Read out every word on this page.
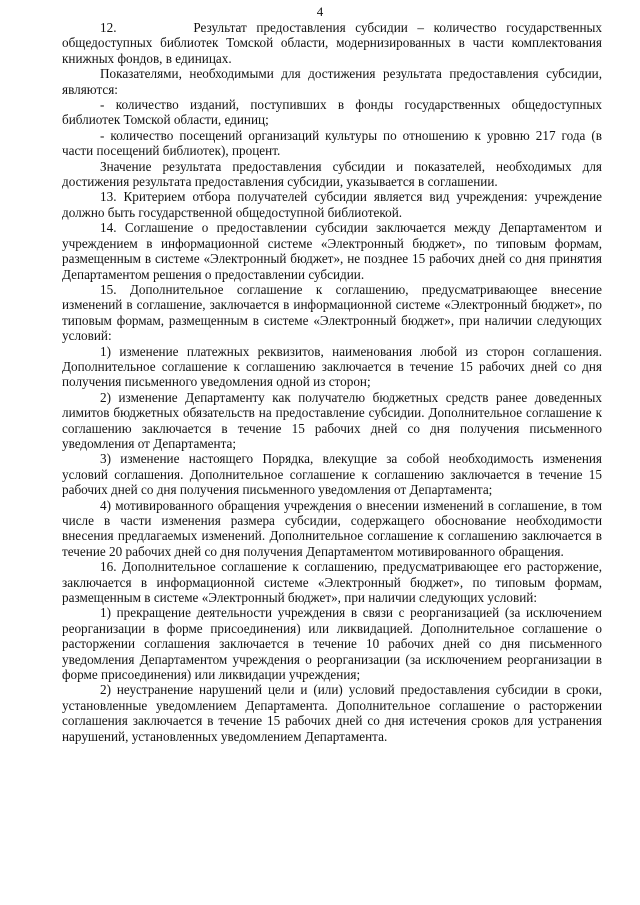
4

12.        Результат предоставления субсидии – количество государственных общедоступных библиотек Томской области, модернизированных в части комплектования книжных фондов, в единицах.

Показателями, необходимыми для достижения результата предоставления субсидии, являются:

- количество изданий, поступивших в фонды государственных общедоступных библиотек Томской области, единиц;

- количество посещений организаций культуры по отношению к уровню 217 года (в части посещений библиотек), процент.

Значение результата предоставления субсидии и показателей, необходимых для достижения результата предоставления субсидии, указывается в соглашении.

13. Критерием отбора получателей субсидии является вид учреждения: учреждение должно быть государственной общедоступной библиотекой.

14. Соглашение о предоставлении субсидии заключается между Департаментом и учреждением в информационной системе «Электронный бюджет», по типовым формам, размещенным в системе «Электронный бюджет», не позднее 15 рабочих дней со дня принятия Департаментом решения о предоставлении субсидии.

15. Дополнительное соглашение к соглашению, предусматривающее внесение изменений в соглашение, заключается в информационной системе «Электронный бюджет», по типовым формам, размещенным в системе «Электронный бюджет», при наличии следующих условий:

1) изменение платежных реквизитов, наименования любой из сторон соглашения. Дополнительное соглашение к соглашению заключается в течение 15 рабочих дней со дня получения письменного уведомления одной из сторон;

2) изменение Департаменту как получателю бюджетных средств ранее доведенных лимитов бюджетных обязательств на предоставление субсидии. Дополнительное соглашение к соглашению заключается в течение 15 рабочих дней со дня получения письменного уведомления от Департамента;

3) изменение настоящего Порядка, влекущие за собой необходимость изменения условий соглашения. Дополнительное соглашение к соглашению заключается в течение 15 рабочих дней со дня получения письменного уведомления от Департамента;

4) мотивированного обращения учреждения о внесении изменений в соглашение, в том числе в части изменения размера субсидии, содержащего обоснование необходимости внесения предлагаемых изменений. Дополнительное соглашение к соглашению заключается в течение 20 рабочих дней со дня получения Департаментом мотивированного обращения.

16. Дополнительное соглашение к соглашению, предусматривающее его расторжение, заключается в информационной системе «Электронный бюджет», по типовым формам, размещенным в системе «Электронный бюджет», при наличии следующих условий:

1) прекращение деятельности учреждения в связи с реорганизацией (за исключением реорганизации в форме присоединения) или ликвидацией. Дополнительное соглашение о расторжении соглашения заключается в течение 10 рабочих дней со дня письменного уведомления Департаментом учреждения о реорганизации (за исключением реорганизации в форме присоединения) или ликвидации учреждения;

2) неустранение нарушений цели и (или) условий предоставления субсидии в сроки, установленные уведомлением Департамента. Дополнительное соглашение о расторжении соглашения заключается в течение 15 рабочих дней со дня истечения сроков для устранения нарушений, установленных уведомлением Департамента.
